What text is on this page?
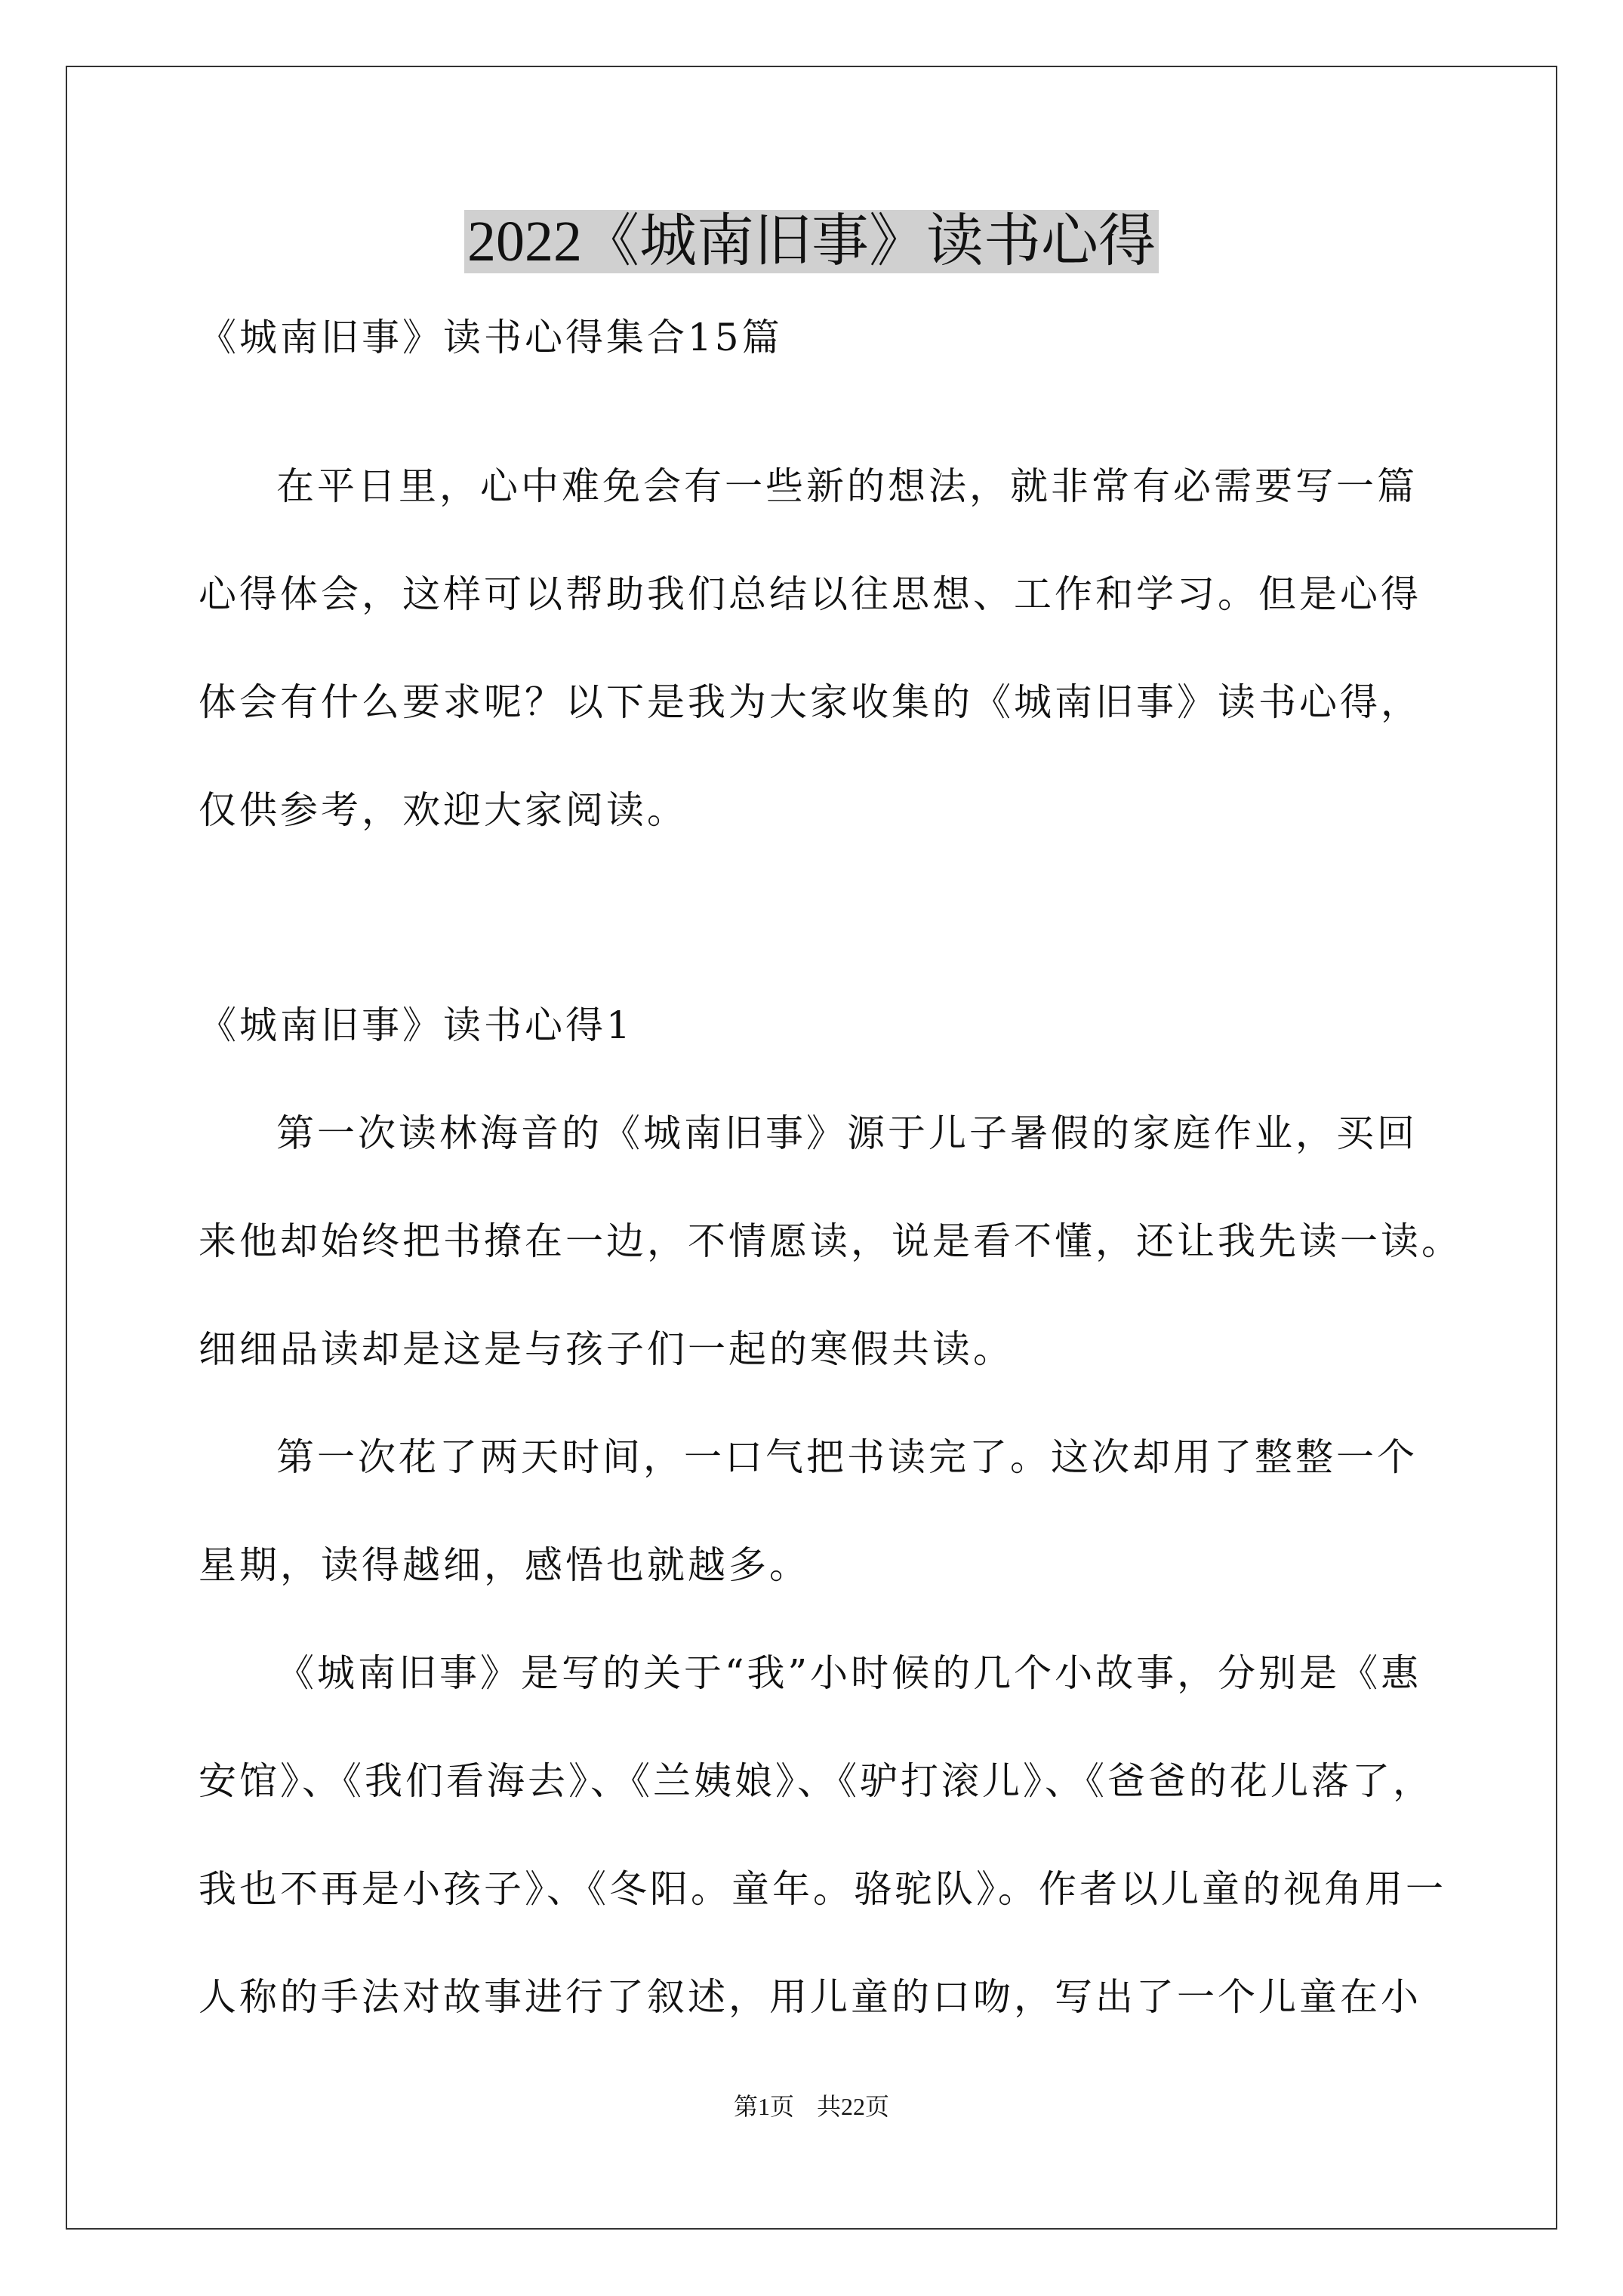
2022《城南旧事》读书心得

《城南旧事》读书心得集合15篇

在平日里，心中难免会有一些新的想法，就非常有必需要写一篇

心得体会，这样可以帮助我们总结以往思想、工作和学习。但是心得

体会有什么要求呢？以下是我为大家收集的《城南旧事》读书心得，

仅供参考，欢迎大家阅读。

《城南旧事》读书心得1

第一次读林海音的《城南旧事》源于儿子暑假的家庭作业，买回

来他却始终把书撩在一边，不情愿读，说是看不懂，还让我先读一读。

细细品读却是这是与孩子们一起的寒假共读。

第一次花了两天时间，一口气把书读完了。这次却用了整整一个

星期，读得越细，感悟也就越多。

《城南旧事》是写的关于“我”小时候的几个小故事，分别是《惠

安馆》、《我们看海去》、《兰姨娘》、《驴打滚儿》、《爸爸的花儿落了，

我也不再是小孩子》、《冬阳。童年。骆驼队》。作者以儿童的视角用一

人称的手法对故事进行了叙述，用儿童的口吻，写出了一个儿童在小

第1页 共22页
